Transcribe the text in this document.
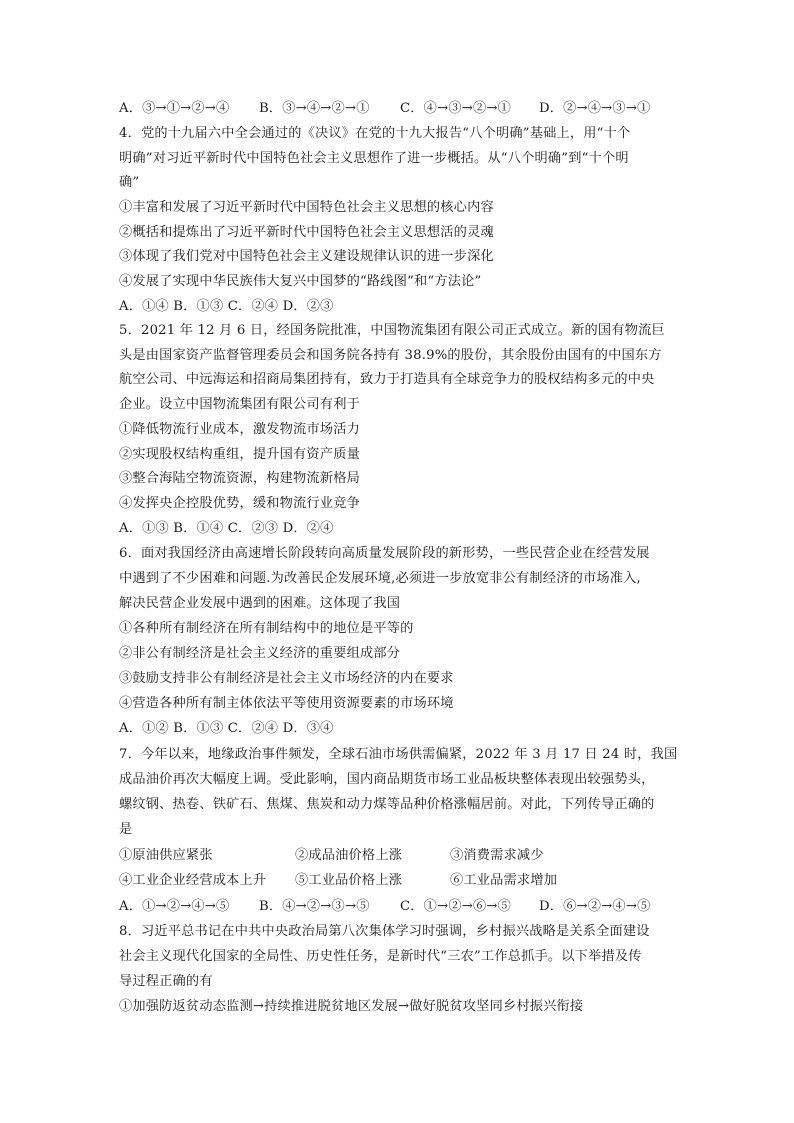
A．③→①→②→④ B．③→④→②→① C．④→③→②→① D．②→④→③→①
4．党的十九届六中全会通过的《决议》在党的十九大报告“八个明确”基础上，用“十个
明确”对习近平新时代中国特色社会主义思想作了进一步概括。从“八个明确”到“十个明
确”
①丰富和发展了习近平新时代中国特色社会主义思想的核心内容
②概括和提炼出了习近平新时代中国特色社会主义思想活的灵魂
③体现了我们党对中国特色社会主义建设规律认识的进一步深化
④发展了实现中华民族伟大复兴中国梦的“路线图”和“方法论”
A．①④ B．①③ C．②④ D．②③
5．2021 年 12 月 6 日，经国务院批准，中国物流集团有限公司正式成立。新的国有物流巨
头是由国家资产监督管理委员会和国务院各持有 38.9%的股份，其余股份由国有的中国东方
航空公司、中远海运和招商局集团持有，致力于打造具有全球竞争力的股权结构多元的中央
企业。设立中国物流集团有限公司有利于
①降低物流行业成本，激发物流市场活力
②实现股权结构重组，提升国有资产质量
③整合海陆空物流资源，构建物流新格局
④发挥央企控股优势，缓和物流行业竞争
A．①③ B．①④ C．②③ D．②④
6．面对我国经济由高速增长阶段转向高质量发展阶段的新形势，一些民营企业在经营发展
中遇到了不少困难和问题.为改善民企发展环境,必须进一步放宽非公有制经济的市场准入,
解决民营企业发展中遇到的困难。这体现了我国
①各种所有制经济在所有制结构中的地位是平等的
②非公有制经济是社会主义经济的重要组成部分
③鼓励支持非公有制经济是社会主义市场经济的内在要求
④营造各种所有制主体依法平等使用资源要素的市场环境
A．①② B．①③ C．②④ D．③④
7．今年以来，地缘政治事件频发，全球石油市场供需偏紧，2022 年 3 月 17 日 24 时，我国
成品油价再次大幅度上调。受此影响，国内商品期货市场工业品板块整体表现出较强势头，
螺纹钢、热卷、铁矿石、焦煤、焦炭和动力煤等品种价格涨幅居前。对此，下列传导正确的
是
①原油供应紧张	②成品油价格上涨	③消费需求减少
④工业企业经营成本上升 ⑤工业品价格上涨	⑥工业品需求增加
A．①→②→④→⑤ B．④→②→③→⑤ C．①→②→⑥→⑤ D．⑥→②→④→⑤
8．习近平总书记在中共中央政治局第八次集体学习时强调，乡村振兴战略是关系全面建设
社会主义现代化国家的全局性、历史性任务，是新时代“三农”工作总抓手。以下举措及传
导过程正确的有
①加强防返贫动态监测→持续推进脱贫地区发展→做好脱贫攻坚同乡村振兴衔接
